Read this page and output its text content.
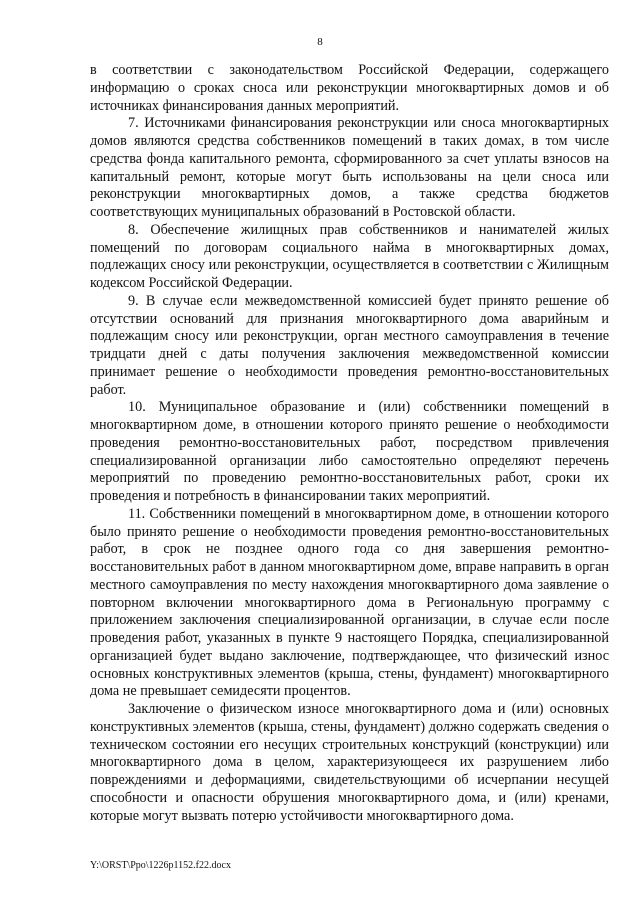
8

в соответствии с законодательством Российской Федерации, содержащего информацию о сроках сноса или реконструкции многоквартирных домов и об источниках финансирования данных мероприятий.

7. Источниками финансирования реконструкции или сноса многоквартирных домов являются средства собственников помещений в таких домах, в том числе средства фонда капитального ремонта, сформированного за счет уплаты взносов на капитальный ремонт, которые могут быть использованы на цели сноса или реконструкции многоквартирных домов, а также средства бюджетов соответствующих муниципальных образований в Ростовской области.

8. Обеспечение жилищных прав собственников и нанимателей жилых помещений по договорам социального найма в многоквартирных домах, подлежащих сносу или реконструкции, осуществляется в соответствии с Жилищным кодексом Российской Федерации.

9. В случае если межведомственной комиссией будет принято решение об отсутствии оснований для признания многоквартирного дома аварийным и подлежащим сносу или реконструкции, орган местного самоуправления в течение тридцати дней с даты получения заключения межведомственной комиссии принимает решение о необходимости проведения ремонтно-восстановительных работ.

10. Муниципальное образование и (или) собственники помещений в многоквартирном доме, в отношении которого принято решение о необходимости проведения ремонтно-восстановительных работ, посредством привлечения специализированной организации либо самостоятельно определяют перечень мероприятий по проведению ремонтно-восстановительных работ, сроки их проведения и потребность в финансировании таких мероприятий.

11. Собственники помещений в многоквартирном доме, в отношении которого было принято решение о необходимости проведения ремонтно-восстановительных работ, в срок не позднее одного года со дня завершения ремонтно-восстановительных работ в данном многоквартирном доме, вправе направить в орган местного самоуправления по месту нахождения многоквартирного дома заявление о повторном включении многоквартирного дома в Региональную программу с приложением заключения специализированной организации, в случае если после проведения работ, указанных в пункте 9 настоящего Порядка, специализированной организацией будет выдано заключение, подтверждающее, что физический износ основных конструктивных элементов (крыша, стены, фундамент) многоквартирного дома не превышает семидесяти процентов.

Заключение о физическом износе многоквартирного дома и (или) основных конструктивных элементов (крыша, стены, фундамент) должно содержать сведения о техническом состоянии его несущих строительных конструкций (конструкции) или многоквартирного дома в целом, характеризующееся их разрушением либо повреждениями и деформациями, свидетельствующими об исчерпании несущей способности и опасности обрушения многоквартирного дома, и (или) кренами, которые могут вызвать потерю устойчивости многоквартирного дома.

Y:\ORST\Ppo\1226p1152.f22.docx
